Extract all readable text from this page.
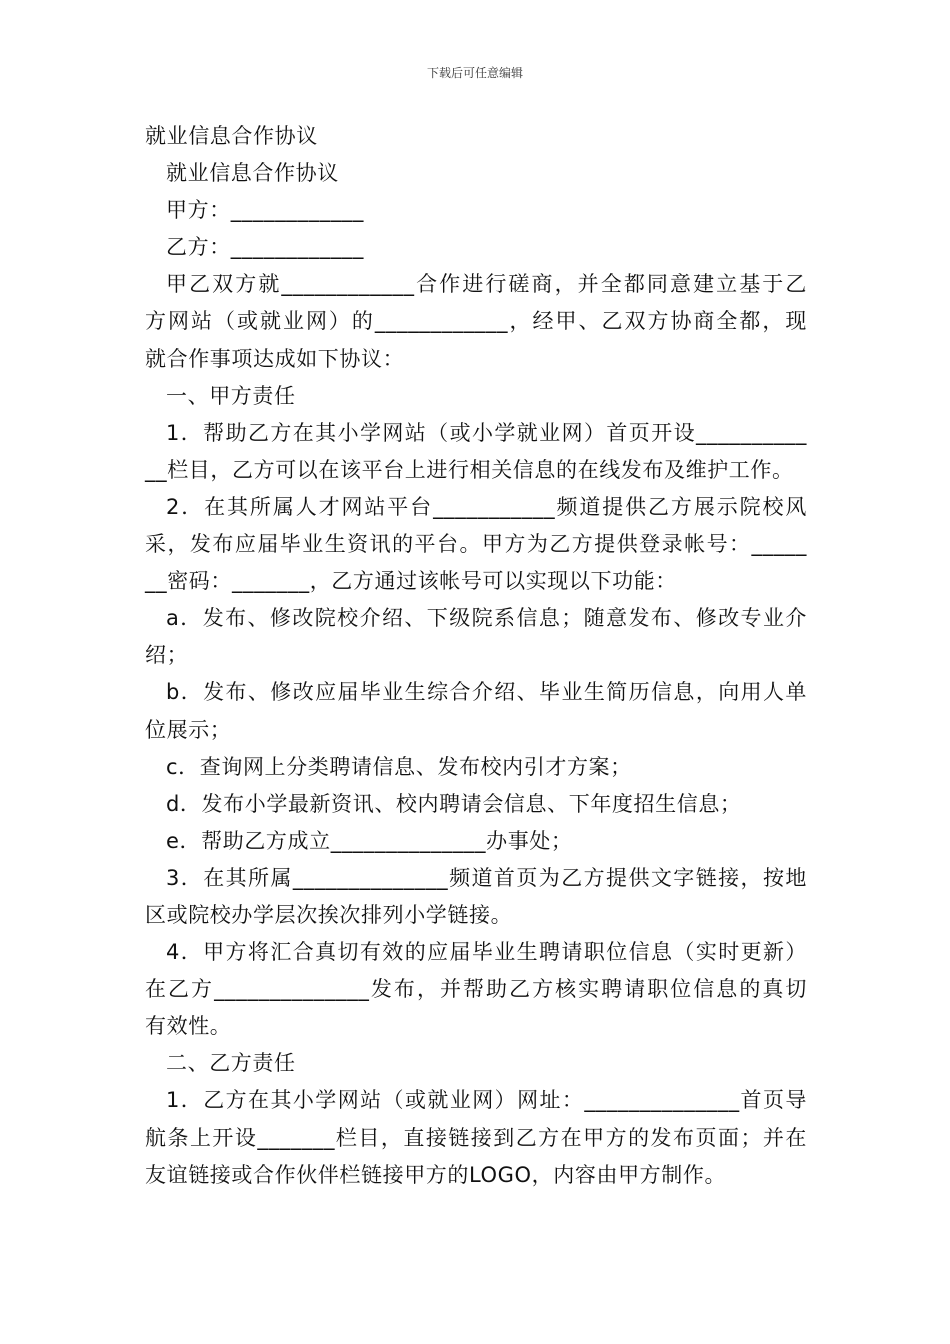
下载后可任意编辑
就业信息合作协议
就业信息合作协议
甲方：____________
乙方：____________
甲乙双方就____________合作进行磋商，并全都同意建立基于乙
方网站（或就业网）的____________，经甲、乙双方协商全都，现
就合作事项达成如下协议：
一、甲方责任
1．帮助乙方在其小学网站（或小学就业网）首页开设__________
__栏目，乙方可以在该平台上进行相关信息的在线发布及维护工作。
2．在其所属人才网站平台___________频道提供乙方展示院校风
采，发布应届毕业生资讯的平台。甲方为乙方提供登录帐号：_____
__密码：_______，乙方通过该帐号可以实现以下功能：
a．发布、修改院校介绍、下级院系信息；随意发布、修改专业介
绍；
b．发布、修改应届毕业生综合介绍、毕业生简历信息，向用人单
位展示；
c．查询网上分类聘请信息、发布校内引才方案；
d．发布小学最新资讯、校内聘请会信息、下年度招生信息；
e．帮助乙方成立______________办事处；
3．在其所属______________频道首页为乙方提供文字链接，按地
区或院校办学层次挨次排列小学链接。
4．甲方将汇合真切有效的应届毕业生聘请职位信息（实时更新）
在乙方______________发布，并帮助乙方核实聘请职位信息的真切
有效性。
二、乙方责任
1．乙方在其小学网站（或就业网）网址：______________首页导
航条上开设_______栏目，直接链接到乙方在甲方的发布页面；并在
友谊链接或合作伙伴栏链接甲方的LOGO，内容由甲方制作。
